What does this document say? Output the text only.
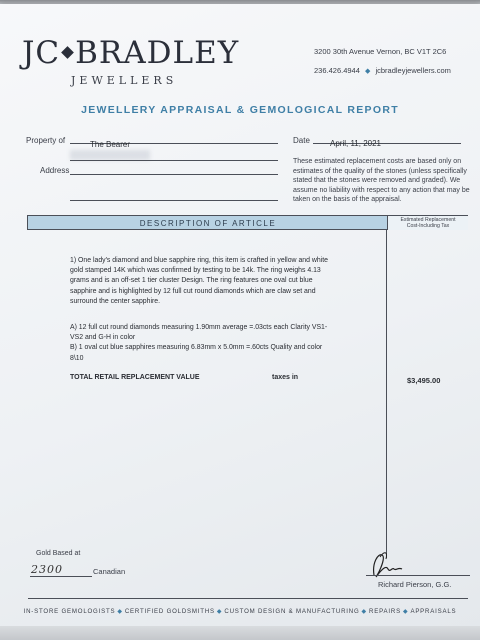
JC BRADLEY
JEWELLERS
3200 30th Avenue Vernon, BC V1T 2C6
236.426.4944 ◆ jcbradleyjewellers.com
JEWELLERY APPRAISAL & GEMOLOGICAL REPORT
Property of	The Bearer
Address
Date	April, 11, 2021
These estimated replacement costs are based only on estimates of the quality of the stones (unless specifically stated that the stones were removed and graded). We assume no liability with respect to any action that may be taken on the basis of the appraisal.
DESCRIPTION OF ARTICLE	Estimated Replacement
Cost-Including Tax
1) One lady's diamond and blue sapphire ring, this item is crafted in yellow and white gold stamped 14K which was confirmed by testing to be 14k. The ring weighs 4.13 grams and is an off-set 1 tier cluster Design. The ring features one oval cut blue sapphire and is highlighted by 12 full cut round diamonds which are claw set and surround the center sapphire.
A) 12 full cut round diamonds measuring 1.90mm average =.03cts each Clarity VS1-VS2 and G-H in color
B) 1 oval cut blue sapphires measuring 6.83mm x 5.0mm =.60cts Quality and color 8\10
TOTAL RETAIL REPLACEMENT VALUE	taxes in	$3,495.00
Gold Based at
2300	Canadian
Richard Pierson, G.G.
IN-STORE GEMOLOGISTS ◆ CERTIFIED GOLDSMITHS ◆ CUSTOM DESIGN & MANUFACTURING ◆ REPAIRS ◆ APPRAISALS
